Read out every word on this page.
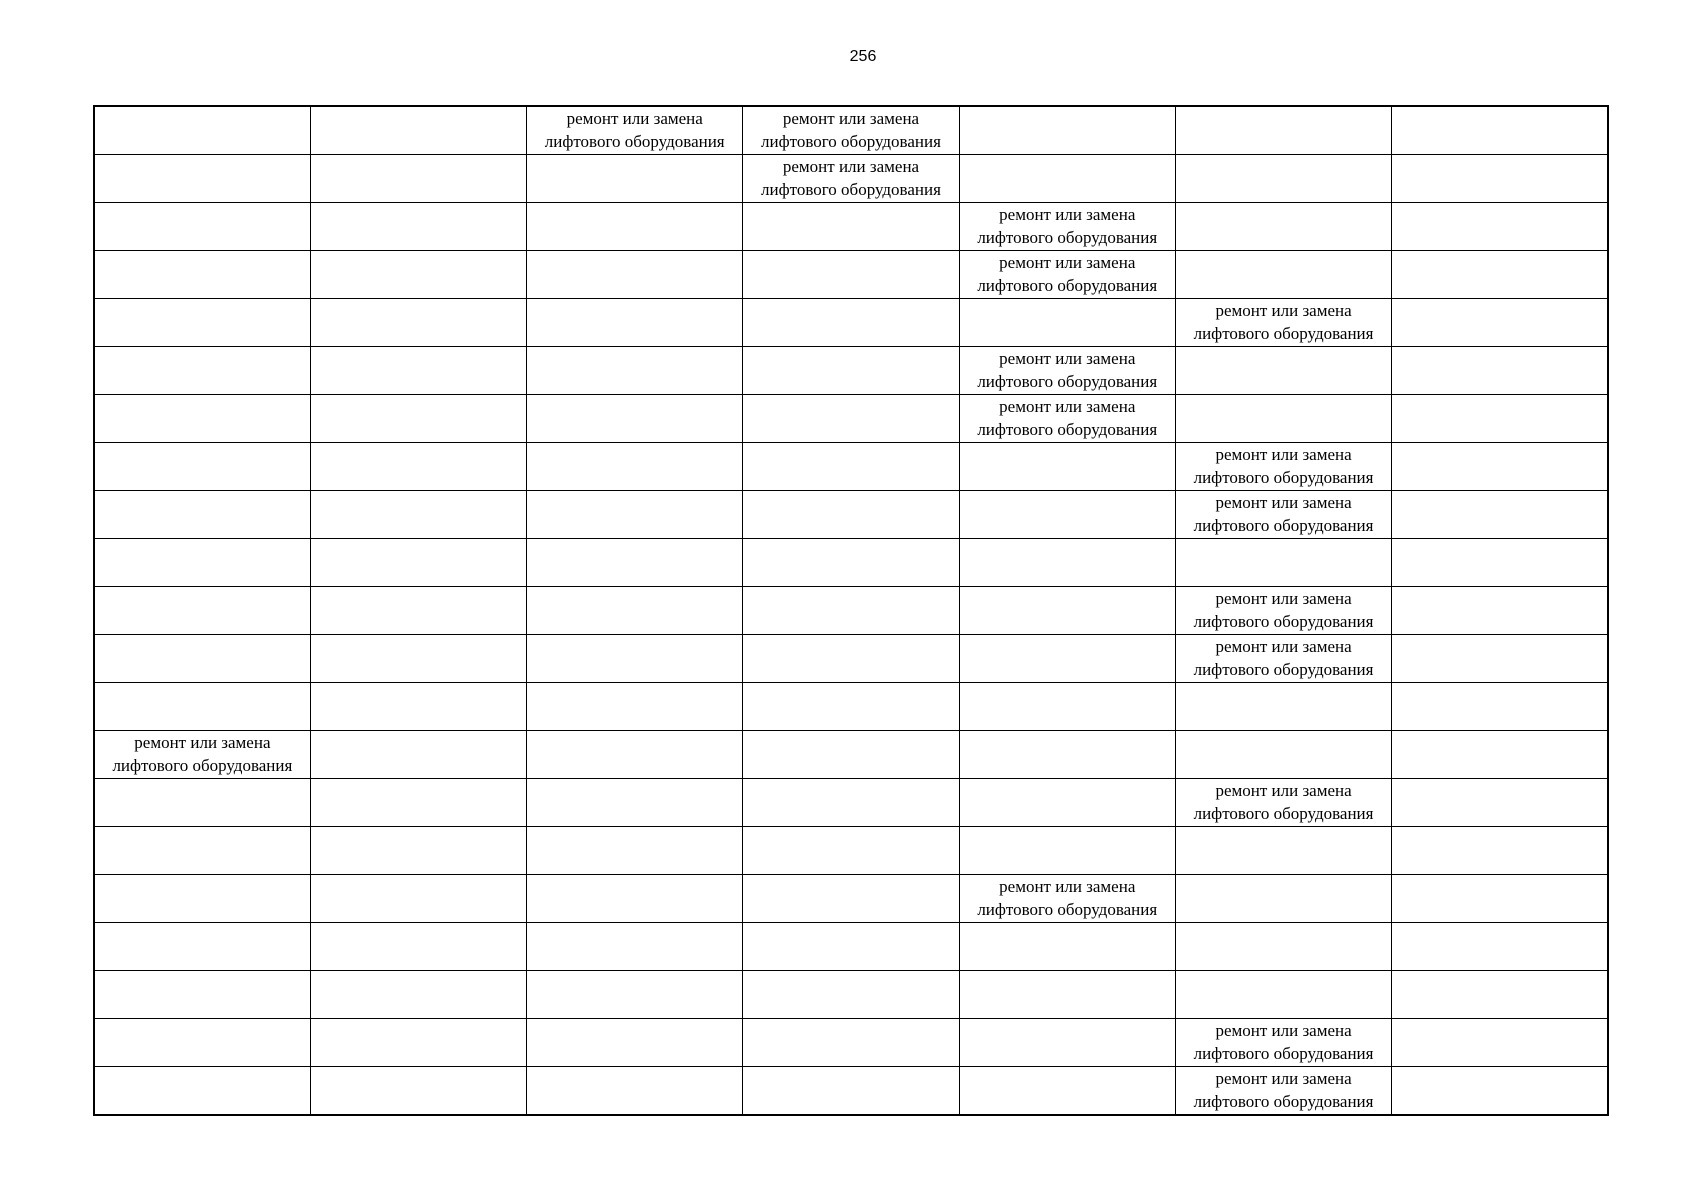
256
		ремонт или замена
лифтового оборудования	ремонт или замена
лифтового оборудования			
			ремонт или замена
лифтового оборудования			
				ремонт или замена
лифтового оборудования		
				ремонт или замена
лифтового оборудования		
					ремонт или замена
лифтового оборудования	
				ремонт или замена
лифтового оборудования		
				ремонт или замена
лифтового оборудования		
					ремонт или замена
лифтового оборудования	
					ремонт или замена
лифтового оборудования	

					ремонт или замена
лифтового оборудования	
					ремонт или замена
лифтового оборудования	

ремонт или замена
лифтового оборудования						
					ремонт или замена
лифтового оборудования	

				ремонт или замена
лифтового оборудования		

					ремонт или замена
лифтового оборудования	
					ремонт или замена
лифтового оборудования	
